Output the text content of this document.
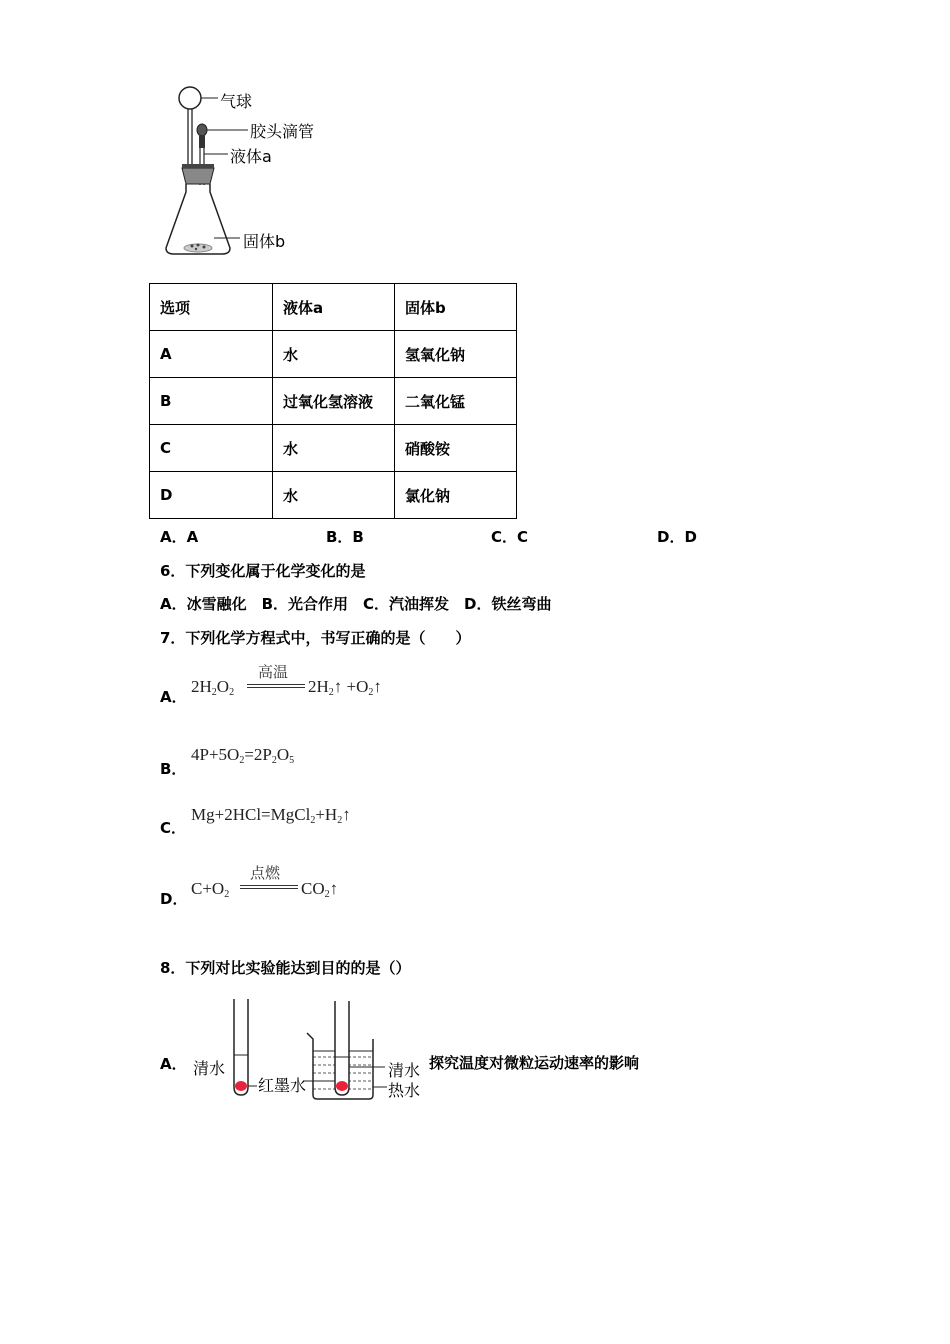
气球
胶头滴管
液体a
固体b
选项	液体a	固体b
A	水	氢氧化钠
B	过氧化氢溶液	二氧化锰
C	水	硝酸铵
D	水	氯化钠
A．A	B．B	C．C	D．D
6．下列变化属于化学变化的是
A．冰雪融化　B．光合作用　C．汽油挥发　D．铁丝弯曲
7．下列化学方程式中，书写正确的是（　　）
A．
$2H_2O_2$
高温
$2H_2↑$ $+O_2↑$
B．
$4P+5O_2=2P_2O_5$
C．
$Mg+2HCl=MgCl_2+H_2↑$
D．
$C+O_2$
点燃
$CO_2↑$
8．下列对比实验能达到目的的是（）
A． 清水
红墨水
清水
热水
探究温度对微粒运动速率的影响
